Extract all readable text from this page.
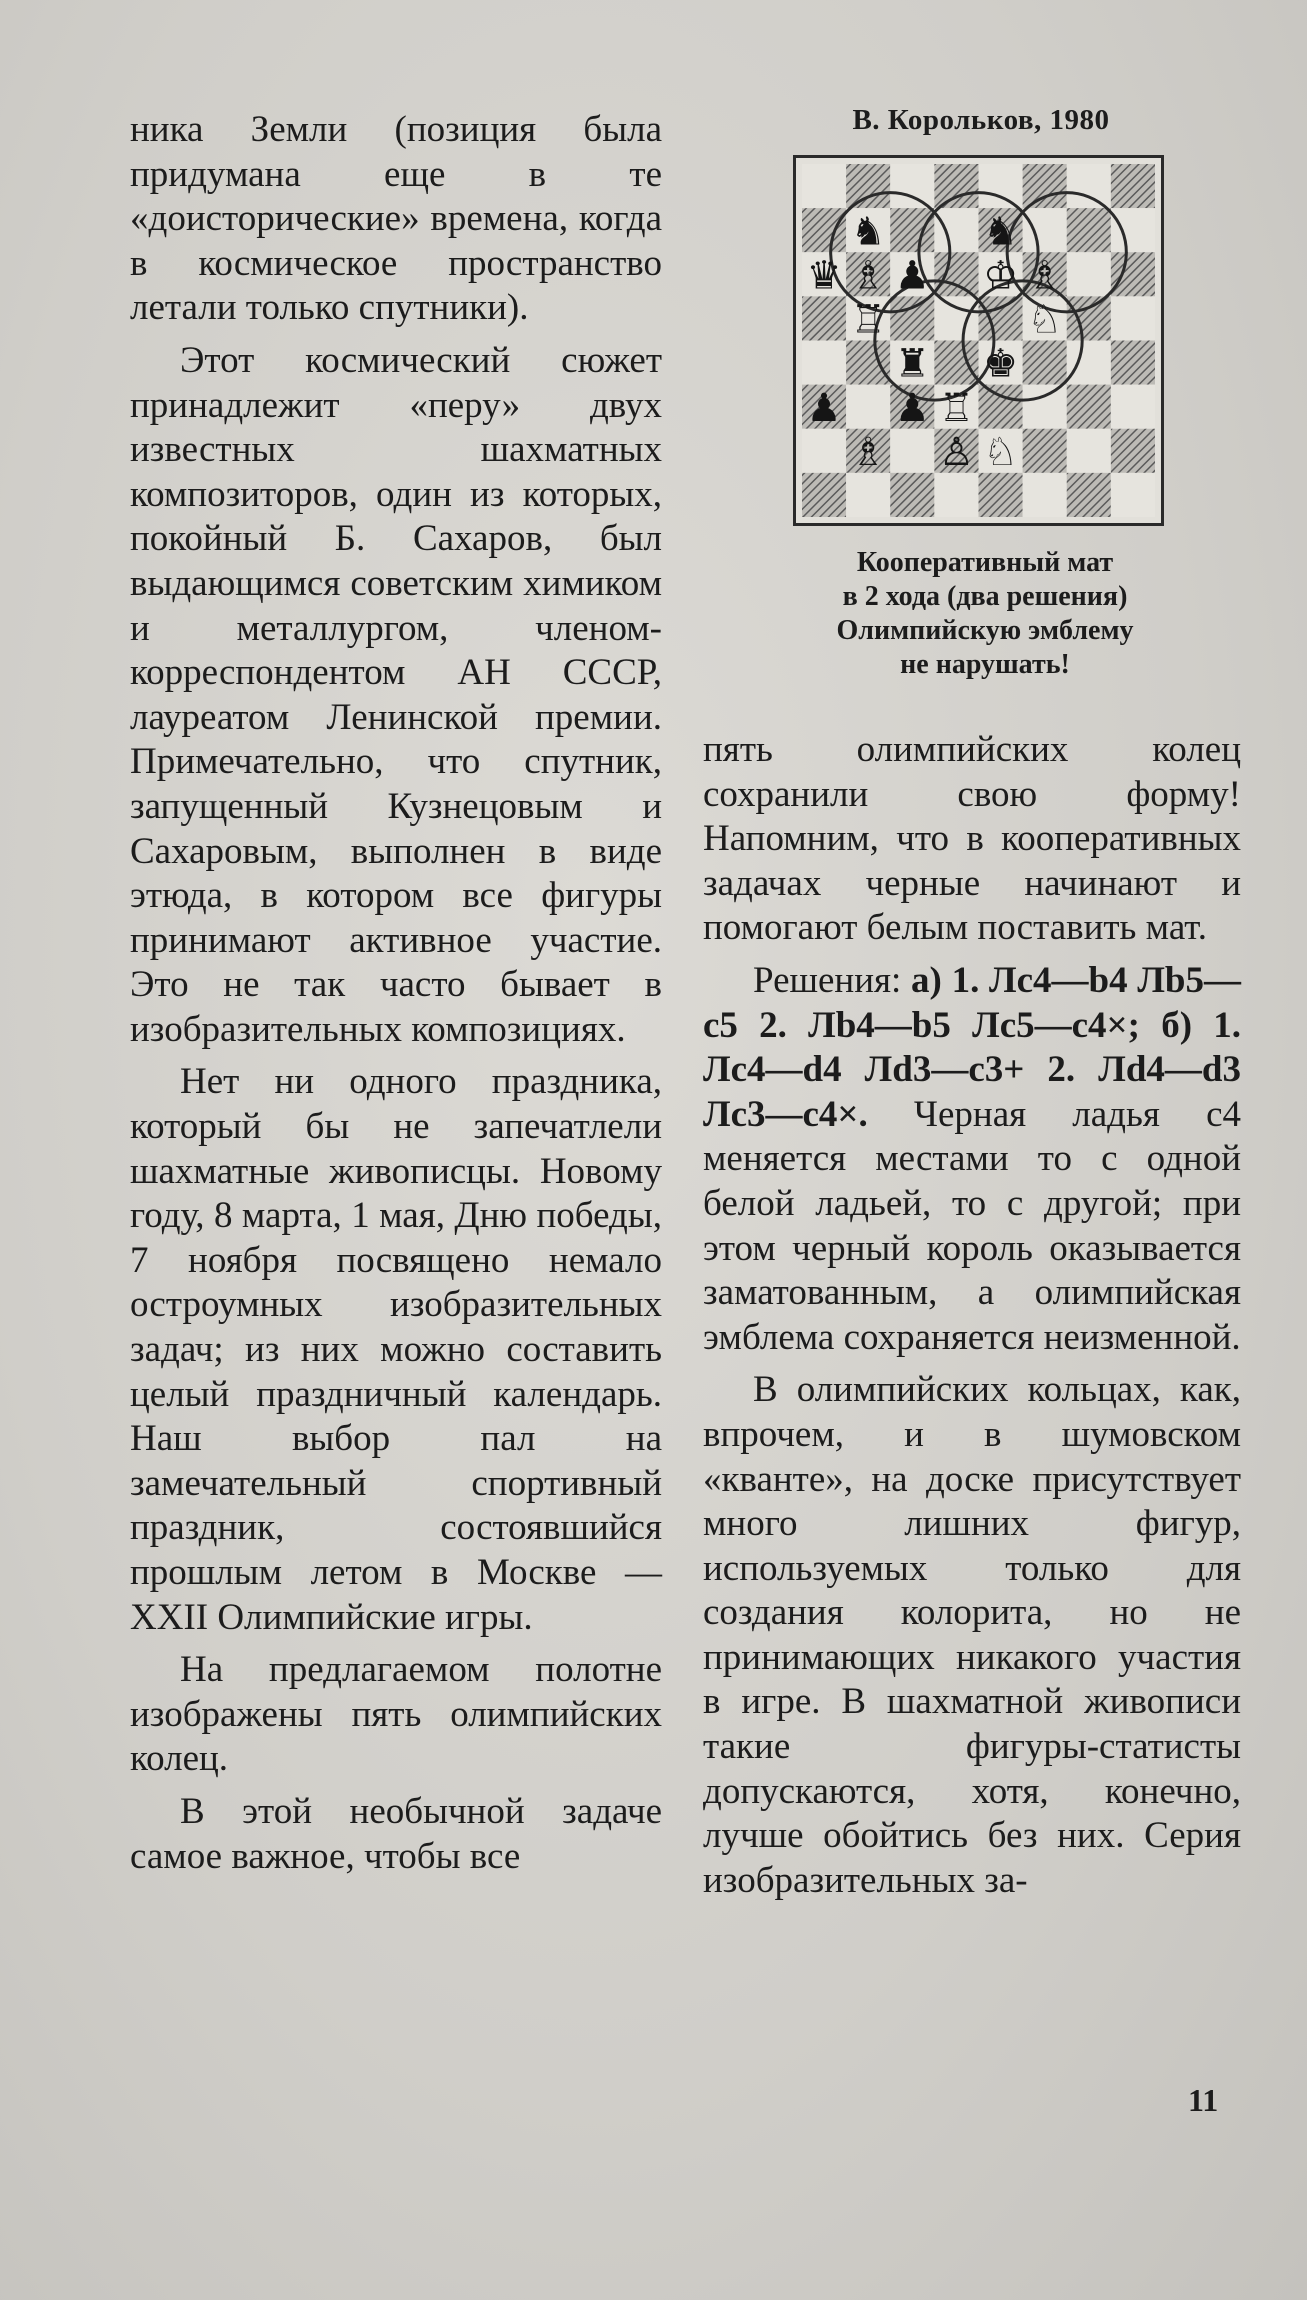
ника Земли (позиция была придумана еще в те «доисторические» времена, когда в космическое пространство летали только спутники).

Этот космический сюжет принадлежит «перу» двух известных шахматных композиторов, один из которых, покойный Б. Сахаров, был выдающимся советским химиком и металлургом, членом-корреспондентом АН СССР, лауреатом Ленинской премии. Примечательно, что спутник, запущенный Кузнецовым и Сахаровым, выполнен в виде этюда, в котором все фигуры принимают активное участие. Это не так часто бывает в изобразительных композициях.

Нет ни одного праздника, который бы не запечатлели шахматные живописцы. Новому году, 8 марта, 1 мая, Дню победы, 7 ноября посвящено немало остроумных изобразительных задач; из них можно составить целый праздничный календарь. Наш выбор пал на замечательный спортивный праздник, состоявшийся прошлым летом в Москве — XXII Олимпийские игры.

На предлагаемом полотне изображены пять олимпийских колец.

В этой необычной задаче самое важное, чтобы все

В. Корольков, 1980
♞	♞
♛ ♗ ♟ ♔ ♗
♖	♘
♜ ♚
♟ ♟ ♖
♗ ♙ ♘
Кооперативный мат
в 2 хода (два решения)
Олимпийскую эмблему
не нарушать!

пять олимпийских колец сохранили свою форму! Напомним, что в кооперативных задачах черные начинают и помогают белым поставить мат.

Решения: а) 1. Лc4—b4 Лb5—c5 2. Лb4—b5 Лc5—c4×; б) 1. Лc4—d4 Лd3—c3+ 2. Лd4—d3 Лc3—c4×. Черная ладья c4 меняется местами то с одной белой ладьей, то с другой; при этом черный король оказывается заматованным, а олимпийская эмблема сохраняется неизменной.

В олимпийских кольцах, как, впрочем, и в шумовском «кванте», на доске присутствует много лишних фигур, используемых только для создания колорита, но не принимающих никакого участия в игре. В шахматной живописи такие фигуры-статисты допускаются, хотя, конечно, лучше обойтись без них. Серия изобразительных за-

11
